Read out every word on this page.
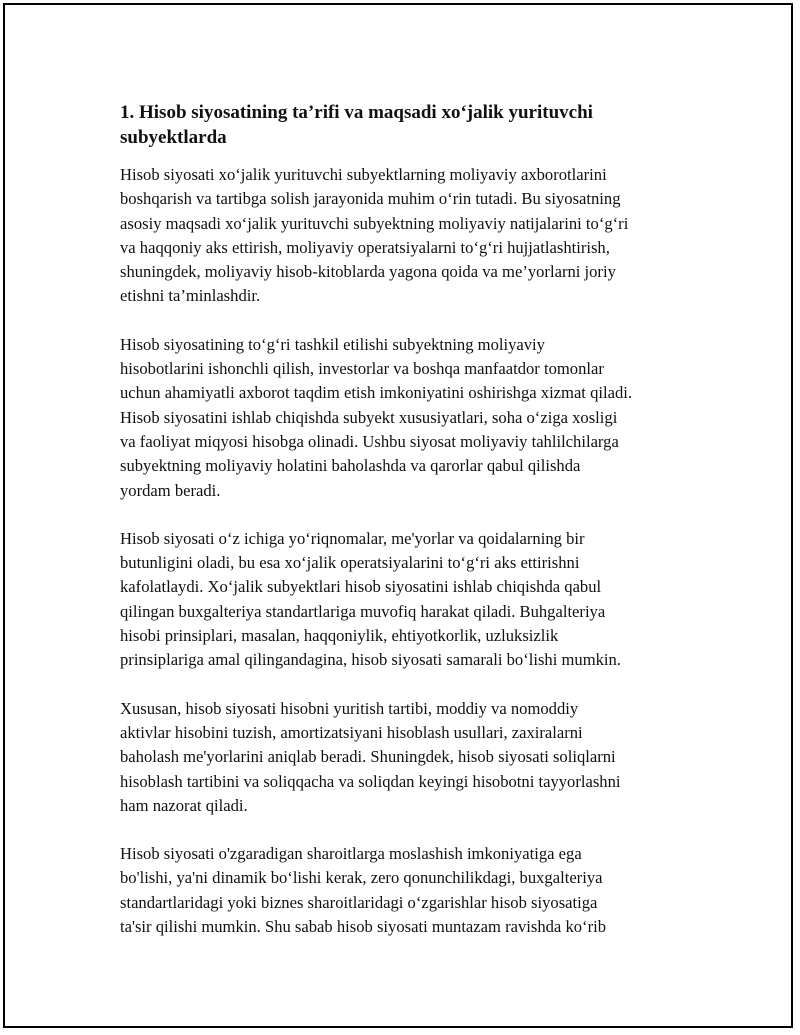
1. Hisob siyosatining ta’rifi va maqsadi xo‘jalik yurituvchi
subyektlarda

Hisob siyosati xo‘jalik yurituvchi subyektlarning moliyaviy axborotlarini
boshqarish va tartibga solish jarayonida muhim o‘rin tutadi. Bu siyosatning
asosiy maqsadi xo‘jalik yurituvchi subyektning moliyaviy natijalarini to‘g‘ri
va haqqoniy aks ettirish, moliyaviy operatsiyalarni to‘g‘ri hujjatlashtirish,
shuningdek, moliyaviy hisob-kitoblarda yagona qoida va me’yorlarni joriy
etishni ta’minlashdir.

Hisob siyosatining to‘g‘ri tashkil etilishi subyektning moliyaviy
hisobotlarini ishonchli qilish, investorlar va boshqa manfaatdor tomonlar
uchun ahamiyatli axborot taqdim etish imkoniyatini oshirishga xizmat qiladi.
Hisob siyosatini ishlab chiqishda subyekt xususiyatlari, soha o‘ziga xosligi
va faoliyat miqyosi hisobga olinadi. Ushbu siyosat moliyaviy tahlilchilarga
subyektning moliyaviy holatini baholashda va qarorlar qabul qilishda
yordam beradi.

Hisob siyosati o‘z ichiga yo‘riqnomalar, me'yorlar va qoidalarning bir
butunligini oladi, bu esa xo‘jalik operatsiyalarini to‘g‘ri aks ettirishni
kafolatlaydi. Xo‘jalik subyektlari hisob siyosatini ishlab chiqishda qabul
qilingan buxgalteriya standartlariga muvofiq harakat qiladi. Buhgalteriya
hisobi prinsiplari, masalan, haqqoniylik, ehtiyotkorlik, uzluksizlik
prinsiplariga amal qilingandagina, hisob siyosati samarali bo‘lishi mumkin.

Xususan, hisob siyosati hisobni yuritish tartibi, moddiy va nomoddiy
aktivlar hisobini tuzish, amortizatsiyani hisoblash usullari, zaxiralarni
baholash me'yorlarini aniqlab beradi. Shuningdek, hisob siyosati soliqlarni
hisoblash tartibini va soliqqacha va soliqdan keyingi hisobotni tayyorlashni
ham nazorat qiladi.

Hisob siyosati o'zgaradigan sharoitlarga moslashish imkoniyatiga ega
bo'lishi, ya'ni dinamik bo‘lishi kerak, zero qonunchilikdagi, buxgalteriya
standartlaridagi yoki biznes sharoitlaridagi o‘zgarishlar hisob siyosatiga
ta'sir qilishi mumkin. Shu sabab hisob siyosati muntazam ravishda ko‘rib
